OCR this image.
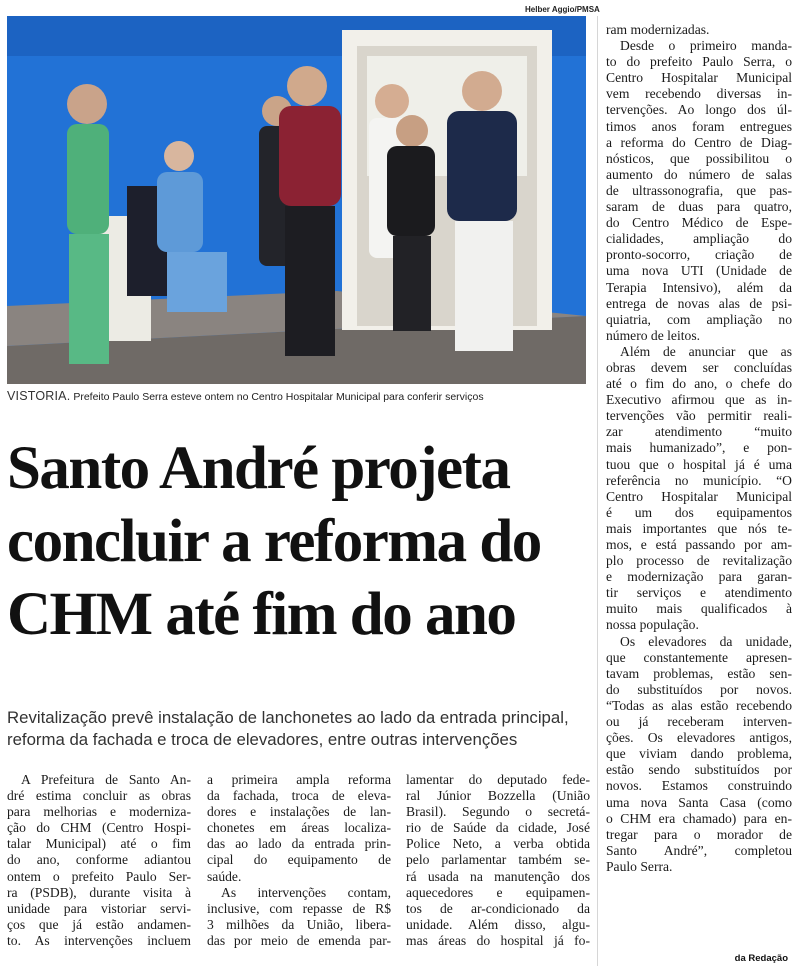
Helber Aggio/PMSA
VISTORIA. Prefeito Paulo Serra esteve ontem no Centro Hospitalar Municipal para conferir serviços
Santo André projeta
concluir a reforma do
CHM até fim do ano
Revitalização prevê instalação de lanchonetes ao lado da entrada principal,
reforma da fachada e troca de elevadores, entre outras intervenções
A Prefeitura de Santo An-
dré estima concluir as obras
para melhorias e moderniza-
ção do CHM (Centro Hospi-
talar Municipal) até o fim
do ano, conforme adiantou
ontem o prefeito Paulo Ser-
ra (PSDB), durante visita à
unidade para vistoriar servi-
ços que já estão andamen-
to. As intervenções incluem
a primeira ampla reforma
da fachada, troca de eleva-
dores e instalações de lan-
chonetes em áreas localiza-
das ao lado da entrada prin-
cipal do equipamento de
saúde.
As intervenções contam,
inclusive, com repasse de R$
3 milhões da União, libera-
das por meio de emenda par-
lamentar do deputado fede-
ral Júnior Bozzella (União
Brasil). Segundo o secretá-
rio de Saúde da cidade, José
Police Neto, a verba obtida
pelo parlamentar também se-
rá usada na manutenção dos
aquecedores e equipamen-
tos de ar-condicionado da
unidade. Além disso, algu-
mas áreas do hospital já fo-
ram modernizadas.
Desde o primeiro manda-
to do prefeito Paulo Serra, o
Centro Hospitalar Municipal
vem recebendo diversas in-
tervenções. Ao longo dos úl-
timos anos foram entregues
a reforma do Centro de Diag-
nósticos, que possibilitou o
aumento do número de salas
de ultrassonografia, que pas-
saram de duas para quatro,
do Centro Médico de Espe-
cialidades, ampliação do
pronto-socorro, criação de
uma nova UTI (Unidade de
Terapia Intensivo), além da
entrega de novas alas de psi-
quiatria, com ampliação no
número de leitos.
Além de anunciar que as
obras devem ser concluídas
até o fim do ano, o chefe do
Executivo afirmou que as in-
tervenções vão permitir reali-
zar atendimento “muito
mais humanizado”, e pon-
tuou que o hospital já é uma
referência no município. “O
Centro Hospitalar Municipal
é um dos equipamentos
mais importantes que nós te-
mos, e está passando por am-
plo processo de revitalização
e modernização para garan-
tir serviços e atendimento
muito mais qualificados à
nossa população.
Os elevadores da unidade,
que constantemente apresen-
tavam problemas, estão sen-
do substituídos por novos.
“Todas as alas estão recebendo
ou já receberam interven-
ções. Os elevadores antigos,
que viviam dando problema,
estão sendo substituídos por
novos. Estamos construindo
uma nova Santa Casa (como
o CHM era chamado) para en-
tregar para o morador de
Santo André”, completou
Paulo Serra.
da Redação
